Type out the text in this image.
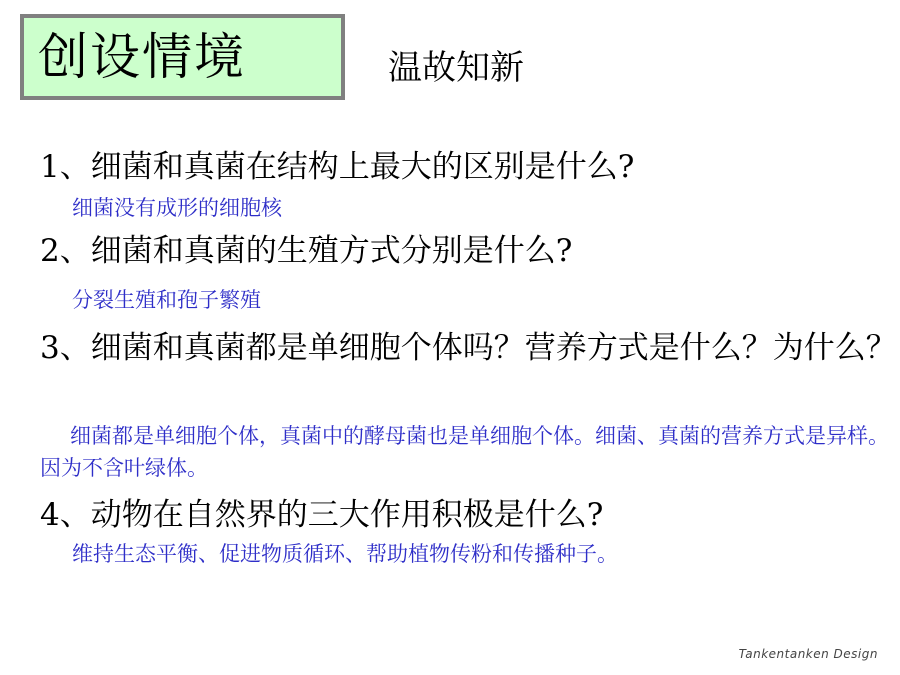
创设情境	温故知新
1、细菌和真菌在结构上最大的区别是什么?
细菌没有成形的细胞核
2、细菌和真菌的生殖方式分别是什么?
分裂生殖和孢子繁殖
3、细菌和真菌都是单细胞个体吗？营养方式是什么？为什么？
细菌都是单细胞个体，真菌中的酵母菌也是单细胞个体。细菌、真菌的营养方式是异样。因为不含叶绿体。
4、动物在自然界的三大作用积极是什么?
维持生态平衡、促进物质循环、帮助植物传粉和传播种子。
Tankentanken Design
